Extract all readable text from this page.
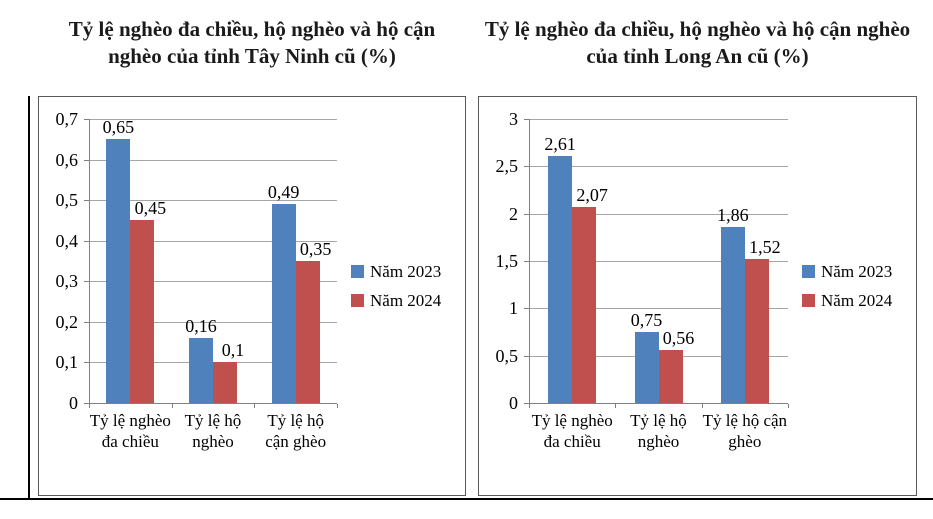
Tỷ lệ nghèo đa chiều, hộ nghèo và hộ cận nghèo của tỉnh Tây Ninh cũ (%)
Tỷ lệ nghèo đa chiều, hộ nghèo và hộ cận nghèo của tỉnh Long An cũ (%)
0
0,1
0,2
0,3
0,4
0,5
0,6
0,7	0,65
0,45
Tỷ lệ nghèo đa chiều
0,16
0,1
Tỷ lệ hộ nghèo
0,49
0,35
Tỷ lệ hộ cận ghèo
Năm 2023
Năm 2024
0
0,5
1
1,5
2
2,5
3
2,61
2,07
Tỷ lệ nghèo đa chiều
0,75
0,56
Tỷ lệ hộ nghèo
1,86
1,52
Tỷ lệ hộ cận ghèo
Năm 2023
Năm 2024
